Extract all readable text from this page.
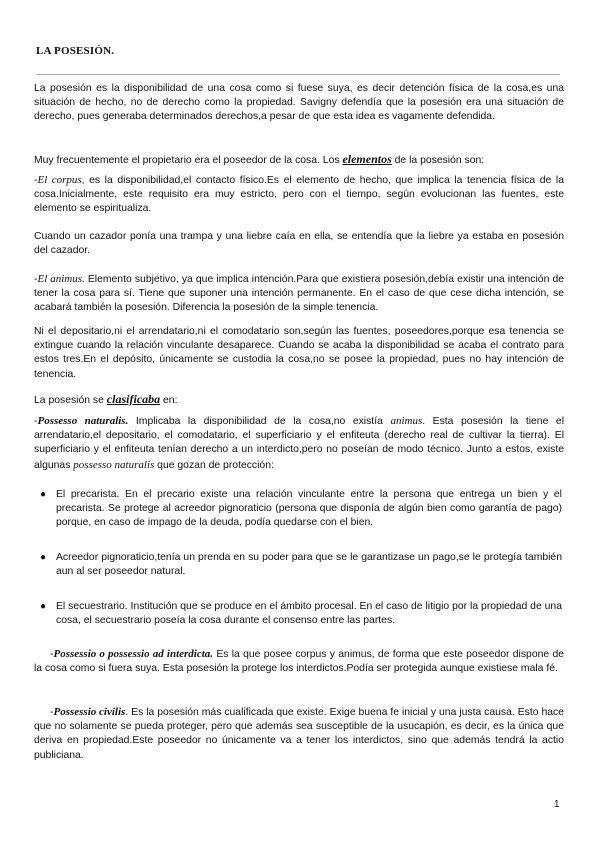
LA POSESIÓN.

La posesión es la disponibilidad de una cosa como si fuese suya, es decir detención física de la cosa,es una situación de hecho, no de derecho como la propiedad. Savigny defendía que la posesión era una situación de derecho, pues generaba determinados derechos,a pesar de que esta idea es vagamente defendida.

Muy frecuentemente el propietario era el poseedor de la cosa. Los elementos de la posesión son:

-El corpus, es la disponibilidad,el contacto físico.Es el elemento de hecho, que implica la tenencia física de la cosa.Inicialmente, este requisito era muy estricto, pero con el tiempo, según evolucionan las fuentes, este elemento se espiritualiza.

Cuando un cazador ponía una trampa y una liebre caía en ella, se entendía que la liebre ya estaba en posesión del cazador.

-El animus. Elemento subjetivo, ya que implica intención.Para que existiera posesión,debía existir una intención de tener la cosa para sí. Tiene que suponer una intención permanente. En el caso de que cese dicha intención, se acabará también la posesión. Diferencia la posesión de la simple tenencia.

Ni el depositario,ni el arrendatario,ni el comodatario son,según las fuentes, poseedores,porque esa tenencia se extingue cuando la relación vinculante desaparece. Cuando se acaba la disponibilidad se acaba el contrato para estos tres.En el depósito, únicamente se custodia la cosa,no se posee la propiedad, pues no hay intención de tenencia.

La posesión se clasificaba en:

-Possesso naturalis. Implicaba la disponibilidad de la cosa,no existía animus. Esta posesión la tiene el arrendatario,el depositario, el comodatario, el superficiario y el enfiteuta (derecho real de cultivar la tierra). El superficiario y el enfiteuta tenían derecho a un interdicto,pero no poseían de modo técnico. Junto a estos, existe algunas possesso naturalis que gozan de protección:

● El precarista. En el precario existe una relación vinculante entre la persona que entrega un bien y el precarista. Se protege al acreedor pignoraticio (persona que disponía de algún bien como garantía de pago) porque, en caso de impago de la deuda, podía quedarse con el bien.
● Acreedor pignoraticio,tenía un prenda en su poder para que se le garantizase un pago,se le protegía también aun al ser poseedor natural.
● El secuestrario. Institución que se produce en el ámbito procesal. En el caso de litigio por la propiedad de una cosa, el secuestrario poseía la cosa durante el consenso entre las partes.

-Possessio o possessio ad interdicta. Es la que posee corpus y animus, de forma que este poseedor dispone de la cosa como si fuera suya. Esta posesión la protege los interdictos.Podía ser protegida aunque existiese mala fé.

-Possessio civilis. Es la posesión más cualificada que existe. Exige buena fe inicial y una justa causa. Esto hace que no solamente se pueda proteger, pero que además sea susceptible de la usucapión, es decir, es la única que deriva en propiedad.Este poseedor no únicamente va a tener los interdictos, sino que además tendrá la actio publiciana.

1
